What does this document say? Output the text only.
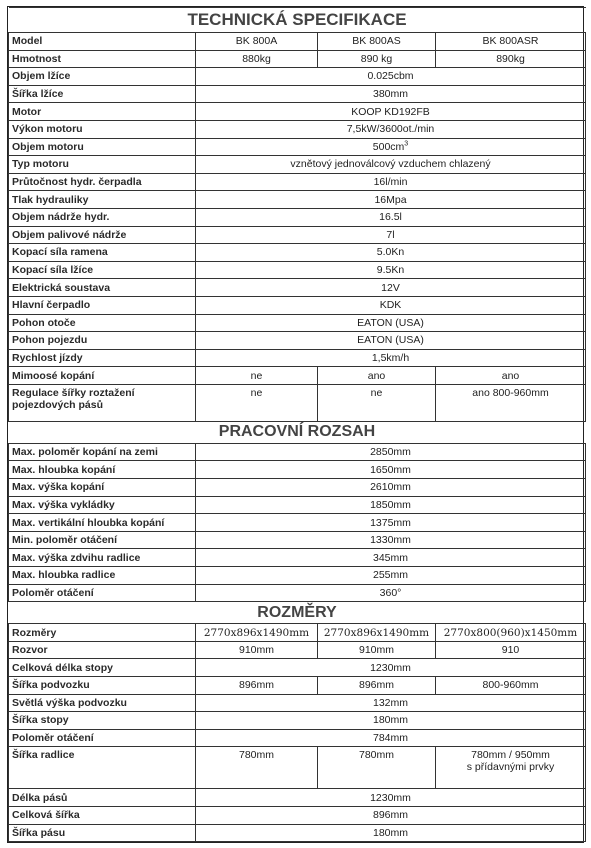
TECHNICKÁ SPECIFIKACE			
Model	BK 800A	BK 800AS	BK 800ASR
Hmotnost	880kg	890 kg	890kg
Objem lžíce	0.025cbm		
Šířka lžíce	380mm		
Motor	KOOP KD192FB		
Výkon motoru	7,5kW/3600ot./min		
Objem motoru	$500cm^3$
Typ motoru	vznětový jednoválcový vzduchem chlazený		
Průtočnost hydr. čerpadla	16l/min		
Tlak hydrauliky	16Mpa		
Objem nádrže hydr.	16.5l		
Objem palivové nádrže	7l		
Kopací síla ramena	5.0Kn		
Kopací síla lžíce	9.5Kn		
Elektrická soustava	12V		
Hlavní čerpadlo	KDK		
Pohon otoče	EATON (USA)		
Pohon pojezdu	EATON (USA)		
Rychlost jízdy	1,5km/h		
Mimoosé kopání	ne	ano	ano
Regulace šířky roztažení pojezdových pásů	ne	ne	ano 800-960mm
PRACOVNÍ ROZSAH			
Max. poloměr kopání na zemi	2850mm		
Max. hloubka kopání	1650mm		
Max. výška kopání	2610mm		
Max. výška vykládky	1850mm		
Max. vertikální hloubka kopání	1375mm		
Min. poloměr otáčení	1330mm		
Max. výška zdvihu radlice	345mm		
Max. hloubka radlice	255mm		
Poloměr otáčení	360°		
ROZMĚRY			
Rozměry	2770x896x1490mm	2770x896x1490mm	2770x800(960)x1450mm
Rozvor	910mm	910mm	910
Celková délka stopy	1230mm		
Šířka podvozku	896mm	896mm	800-960mm
Světlá výška podvozku	132mm		
Šířka stopy	180mm		
Poloměr otáčení	784mm		
Šířka radlice	780mm	780mm	780mm / 950mm
s přídavnými prvky

Délka pásů	1230mm		
Celková šířka	896mm		
Šířka pásu	180mm		
